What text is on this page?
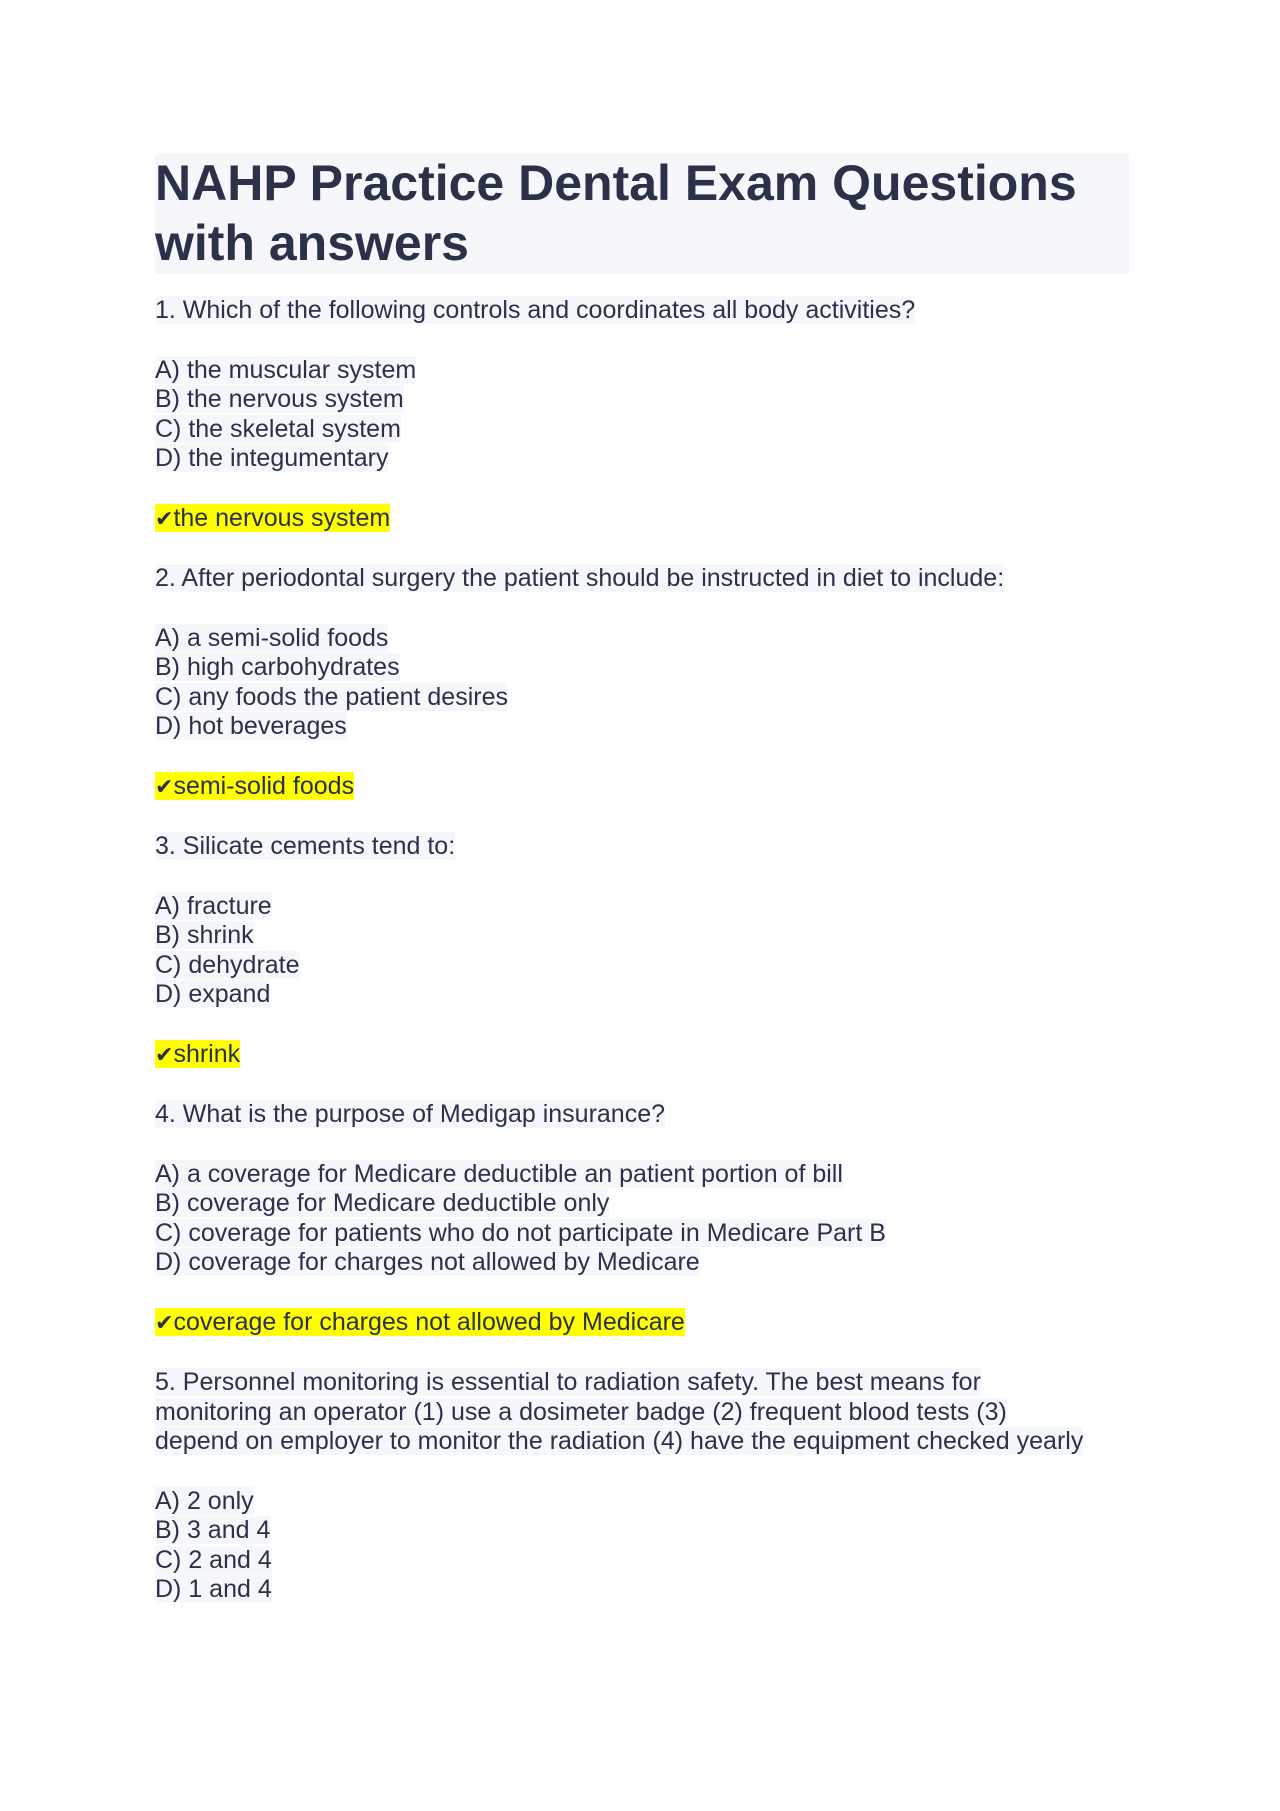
NAHP Practice Dental Exam Questions with answers
1. Which of the following controls and coordinates all body activities?
A) the muscular system
B) the nervous system
C) the skeletal system
D) the integumentary
✔the nervous system
2. After periodontal surgery the patient should be instructed in diet to include:
A) a semi-solid foods
B) high carbohydrates
C) any foods the patient desires
D) hot beverages
✔semi-solid foods
3. Silicate cements tend to:
A) fracture
B) shrink
C) dehydrate
D) expand
✔shrink
4. What is the purpose of Medigap insurance?
A) a coverage for Medicare deductible an patient portion of bill
B) coverage for Medicare deductible only
C) coverage for patients who do not participate in Medicare Part B
D) coverage for charges not allowed by Medicare
✔coverage for charges not allowed by Medicare
5. Personnel monitoring is essential to radiation safety. The best means for
monitoring an operator (1) use a dosimeter badge (2) frequent blood tests (3)
depend on employer to monitor the radiation (4) have the equipment checked yearly
A) 2 only
B) 3 and 4
C) 2 and 4
D) 1 and 4
